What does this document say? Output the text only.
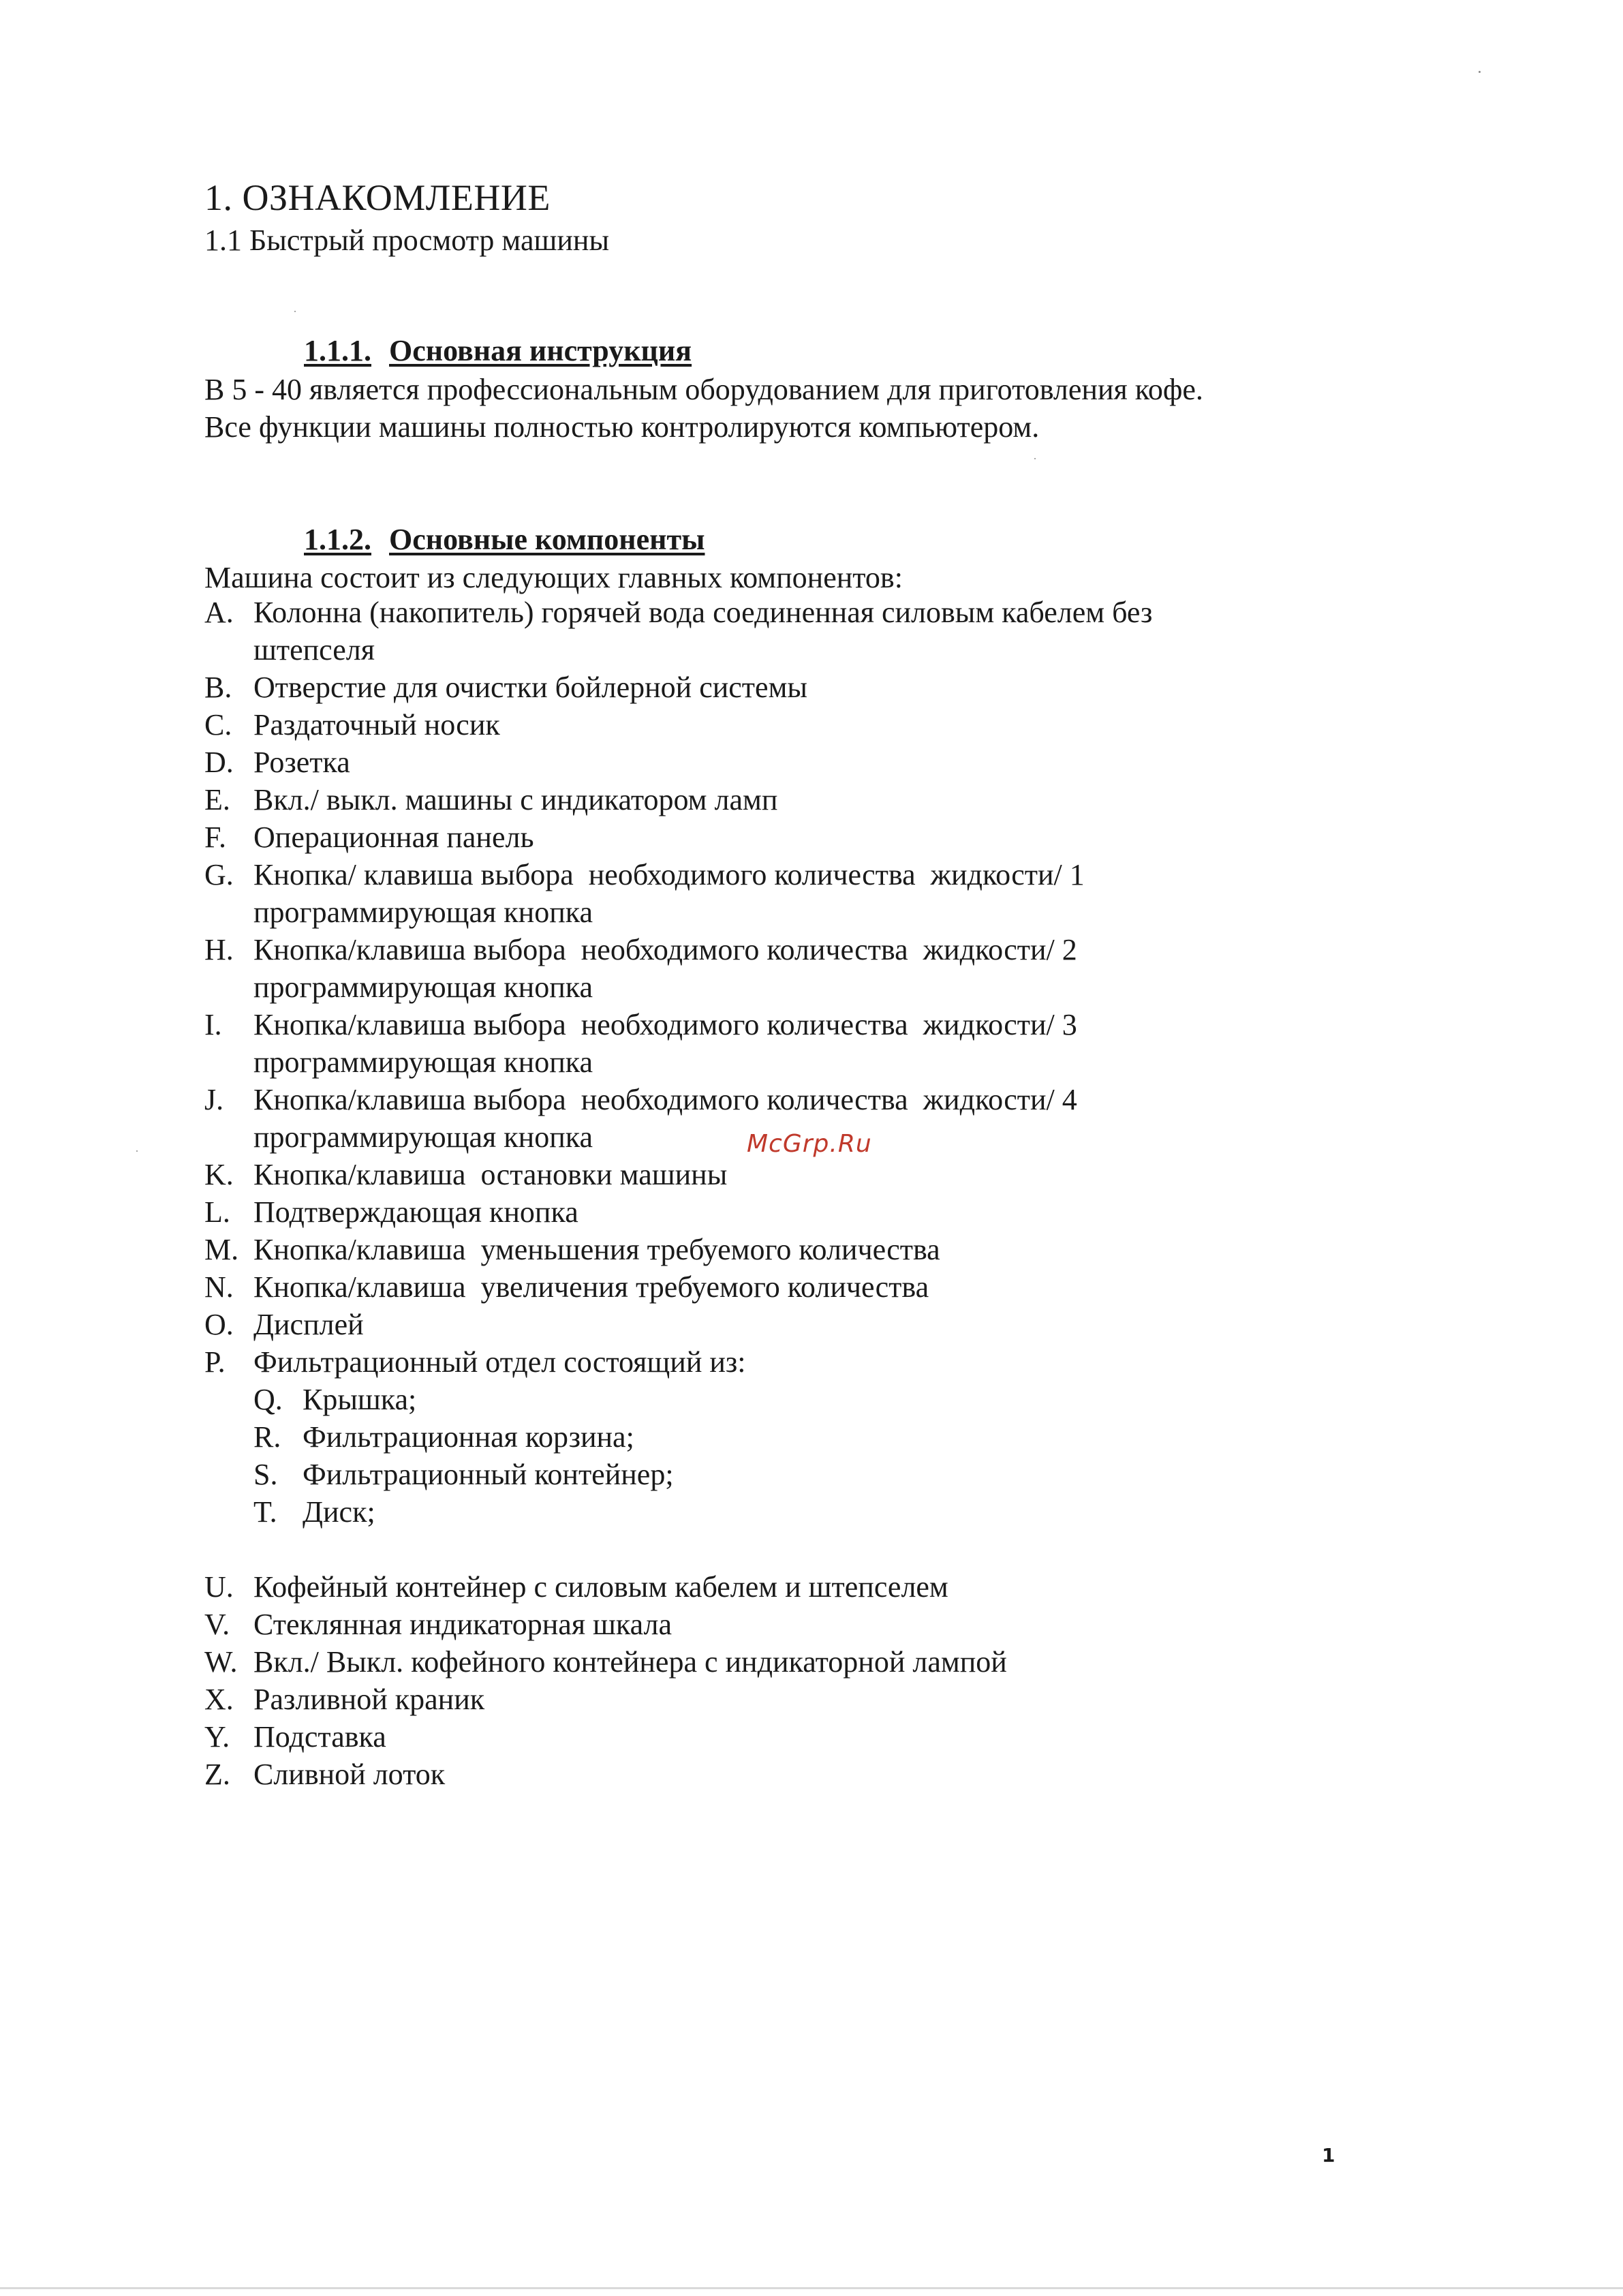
1. ОЗНАКОМЛЕНИЕ
1.1 Быстрый просмотр машины
1.1.1. Основная инструкция
В 5 - 40 является профессиональным оборудованием для приготовления кофе.
Все функции машины полностью контролируются компьютером.
1.1.2. Основные компоненты
Машина состоит из следующих главных компонентов:
A. Колонна (накопитель) горячей вода соединенная силовым кабелем без
штепселя
B. Отверстие для очистки бойлерной системы
C. Раздаточный носик
D. Розетка
E. Вкл./ выкл. машины с индикатором ламп
F. Операционная панель
G. Кнопка/ клавиша выбора  необходимого количества  жидкости/ 1
программирующая кнопка
H. Кнопка/клавиша выбора  необходимого количества  жидкости/ 2
программирующая кнопка
I.	Кнопка/клавиша выбора  необходимого количества  жидкости/ 3
программирующая кнопка
J. Кнопка/клавиша выбора  необходимого количества  жидкости/ 4
программирующая кнопка
K. Кнопка/клавиша  остановки машины
L. Подтверждающая кнопка
M. Кнопка/клавиша  уменьшения требуемого количества
N. Кнопка/клавиша  увеличения требуемого количества
O. Дисплей
P. Фильтрационный отдел состоящий из:
Q. Крышка;
R. Фильтрационная корзина;
S. Фильтрационный контейнер;
T. Диск;
U. Кофейный контейнер с силовым кабелем и штепселем
V. Стеклянная индикаторная шкала
W. Вкл./ Выкл. кофейного контейнера с индикаторной лампой
X. Разливной краник
Y. Подставка
Z. Сливной лоток
McGrp.Ru
1
